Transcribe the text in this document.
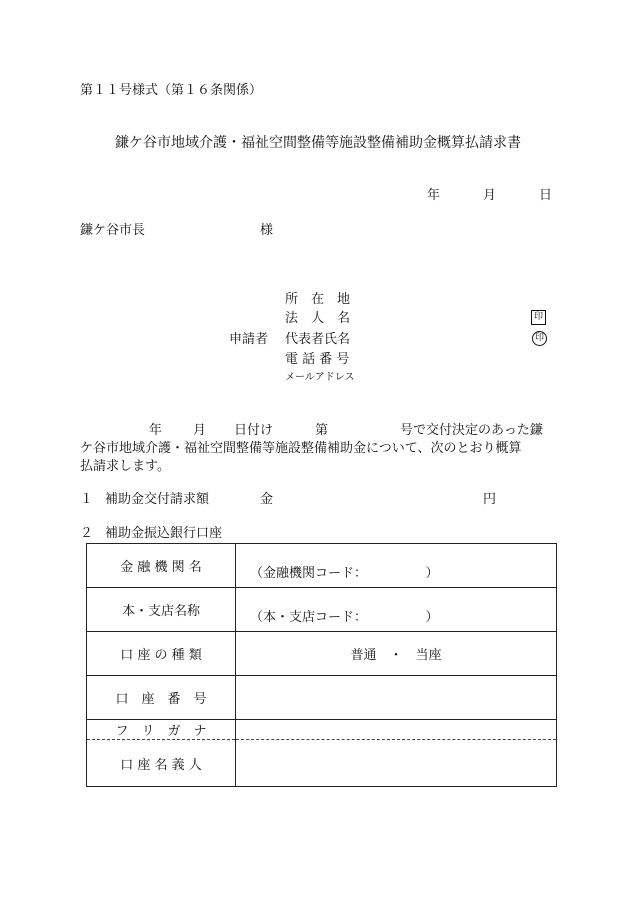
第１１号様式（第１６条関係）
鎌ケ谷市地域介護・福祉空間整備等施設整備補助金概算払請求書
年	月	日
鎌ケ谷市長	様
所　在　地
法　人　名	印
申請者 代表者氏名	印
電 話 番 号
メールアドレス
年 月 日付け	第	号で交付決定のあった鎌
ケ谷市地域介護・福祉空間整備等施設整備補助金について、次のとおり概算
払請求します。
１ 補助金交付請求額	金	円
２ 補助金振込銀行口座
金 融 機 関 名	（金融機関コード：　　　　　）
本・支店名称	（本・支店コード：　　　　　）
口 座 の 種 類	普通　・　当座
口　座　番　号	
フ　リ　ガ　ナ	
口 座 名 義 人	
